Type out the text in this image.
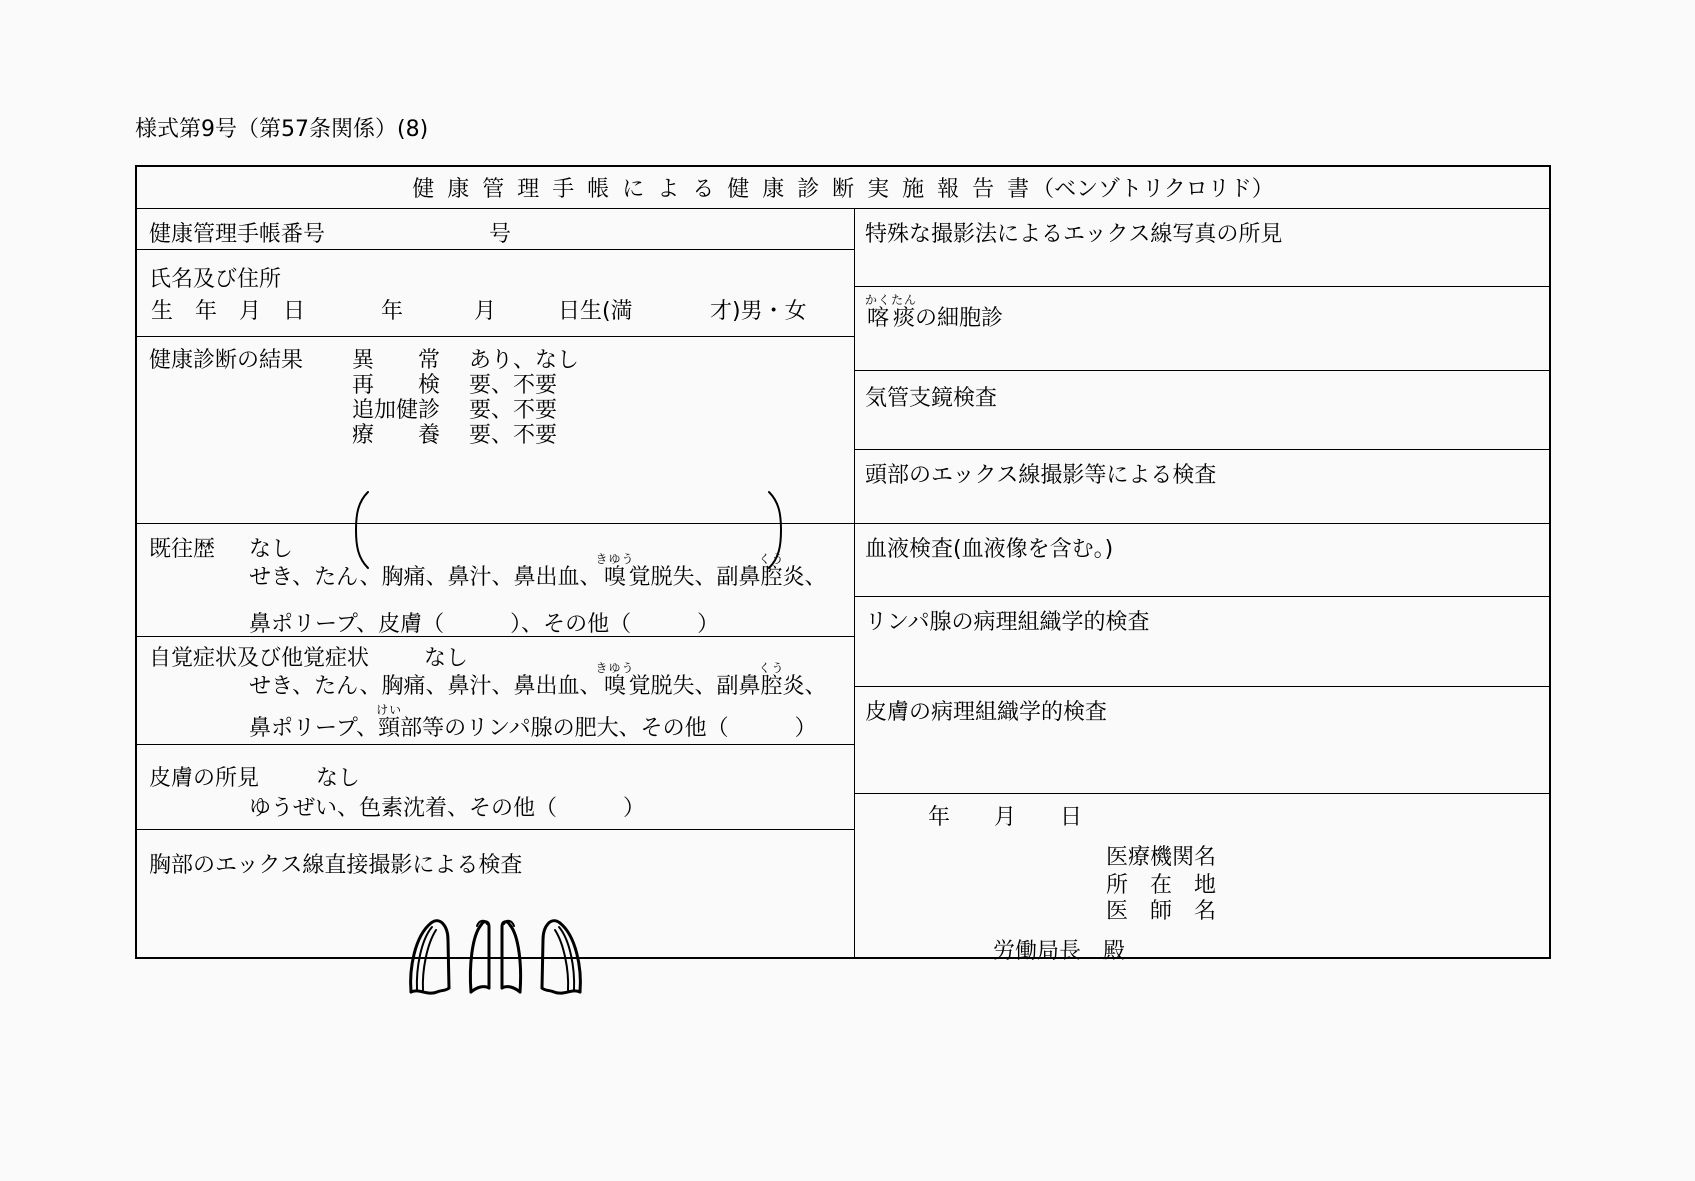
様式第9号（第57条関係）(8)
健 康 管 理 手 帳 に よ る 健 康 診 断 実 施 報 告 書 （ベンゾトリクロリド）
健康管理手帳番号	号
氏名及び住所
生　年　月　日	年	月	日生(満	才)男・女
健康診断の結果 異　　常 あり、なし
再　　検 要、不要
追加健診 要、不要
療　　養 要、不要

既往歴 なし
せき、たん、胸痛、鼻汁、鼻出血、嗅きゆう覚脱失、副鼻腔くう炎、
鼻ポリープ、皮膚（　　　）、その他（　　　）
自覚症状及び他覚症状 なし
せき、たん、胸痛、鼻汁、鼻出血、嗅きゆう覚脱失、副鼻腔くう炎、
鼻ポリープ、頸けい部等のリンパ腺の肥大、その他（　　　）
皮膚の所見	なし
ゆうぜい、色素沈着、その他（　　　）
胸部のエックス線直接撮影による検査

特殊な撮影法によるエックス線写真の所見
喀痰かくたんの細胞診
気管支鏡検査
頭部のエックス線撮影等による検査
血液検査(血液像を含む。)
リンパ腺の病理組織学的検査
皮膚の病理組織学的検査
年　　月　　日
医療機関名
所　在　地
医　師　名
労働局長　殿
